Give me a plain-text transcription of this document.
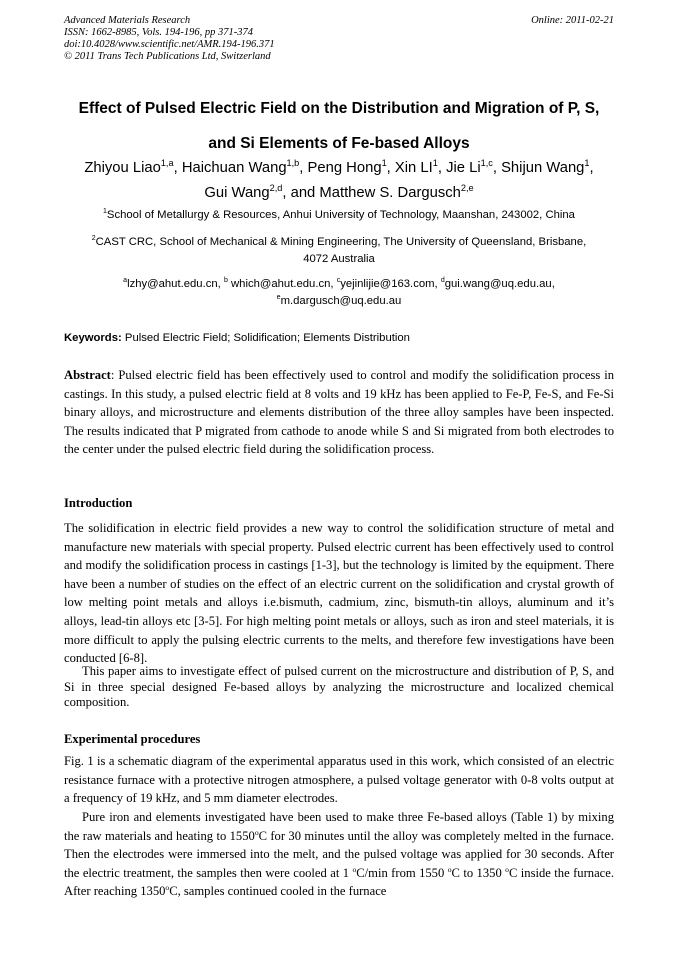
Advanced Materials Research
ISSN: 1662-8985, Vols. 194-196, pp 371-374
doi:10.4028/www.scientific.net/AMR.194-196.371
© 2011 Trans Tech Publications Ltd, Switzerland
Online: 2011-02-21
Effect of Pulsed Electric Field on the Distribution and Migration of P, S,
and Si Elements of Fe-based Alloys
Zhiyou Liao$^{1,a}$, Haichuan Wang$^{1,b}$, Peng Hong$^1$, Xin $LI^1$, Jie Li$^{1,c}$, Shijun Wang$^1$,
Gui Wang$^{2,d}$, and Matthew S. Dargusch$^{2,e}$
$^1$School of Metallurgy & Resources, Anhui University of Technology, Maanshan, 243002, China
$^2$CAST CRC, School of Mechanical & Mining Engineering, The University of Queensland, Brisbane,
4072 Australia
$^a$lzhy@ahut.edu.cn, $^b$ which@ahut.edu.cn, $^c$yejinlijie@163.com, $^d$gui.wang@uq.edu.au,
$^e$m.dargusch@uq.edu.au
Keywords: Pulsed Electric Field; Solidification; Elements Distribution
Abstract: Pulsed electric field has been effectively used to control and modify the solidification process in castings. In this study, a pulsed electric field at 8 volts and 19 kHz has been applied to Fe-P, Fe-S, and Fe-Si binary alloys, and microstructure and elements distribution of the three alloy samples have been inspected. The results indicated that P migrated from cathode to anode while S and Si migrated from both electrodes to the center under the pulsed electric field during the solidification process.
Introduction
The solidification in electric field provides a new way to control the solidification structure of metal and manufacture new materials with special property. Pulsed electric current has been effectively used to control and modify the solidification process in castings [1-3], but the technology is limited by the equipment. There have been a number of studies on the effect of an electric current on the solidification and crystal growth of low melting point metals and alloys i.e.bismuth, cadmium, zinc, bismuth-tin alloys, aluminum and it’s alloys, lead-tin alloys etc [3-5]. For high melting point metals or alloys, such as iron and steel materials, it is more difficult to apply the pulsing electric currents to the melts, and therefore few investigations have been conducted [6-8].
This paper aims to investigate effect of pulsed current on the microstructure and distribution of P, S, and Si in three special designed Fe-based alloys by analyzing the microstructure and localized chemical composition.
Experimental procedures
Fig. 1 is a schematic diagram of the experimental apparatus used in this work, which consisted of an electric resistance furnace with a protective nitrogen atmosphere, a pulsed voltage generator with 0-8 volts output at a frequency of 19 kHz, and 5 mm diameter electrodes.
Pure iron and elements investigated have been used to make three Fe-based alloys (Table 1) by mixing the raw materials and heating to 1550$^o$C for 30 minutes until the alloy was completely melted in the furnace. Then the electrodes were immersed into the melt, and the pulsed voltage was applied for 30 seconds. After the electric treatment, the samples then were cooled at 1 $^o$C/min from 1550 $^o$C to 1350 $^o$C inside the furnace. After reaching 1350$^o$C, samples continued cooled in the furnace
